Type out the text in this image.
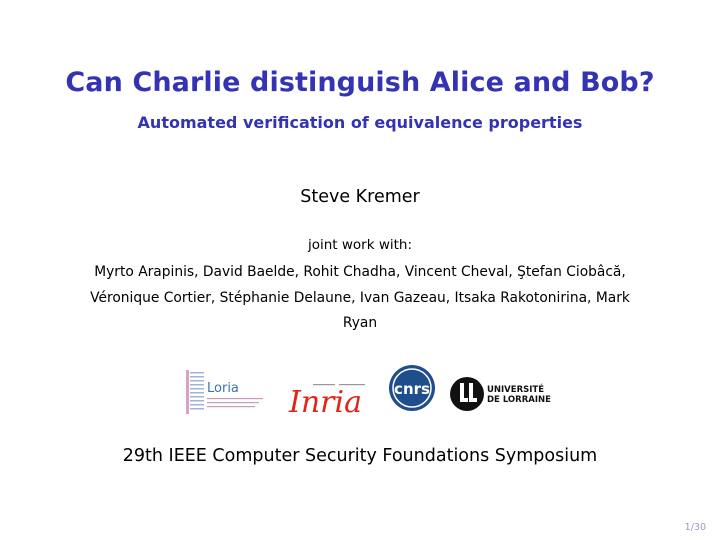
Can Charlie distinguish Alice and Bob?
Automated verification of equivalence properties
Steve Kremer
joint work with:
Myrto Arapinis, David Baelde, Rohit Chadha, Vincent Cheval, Ştefan Ciobâcă, Véronique Cortier, Stéphanie Delaune, Ivan Gazeau, Itsaka Rakotonirina, Mark Ryan
Loria Inria cnrs	UNIVERSITÉ
DE LORRAINE
29th IEEE Computer Security Foundations Symposium
1/30
